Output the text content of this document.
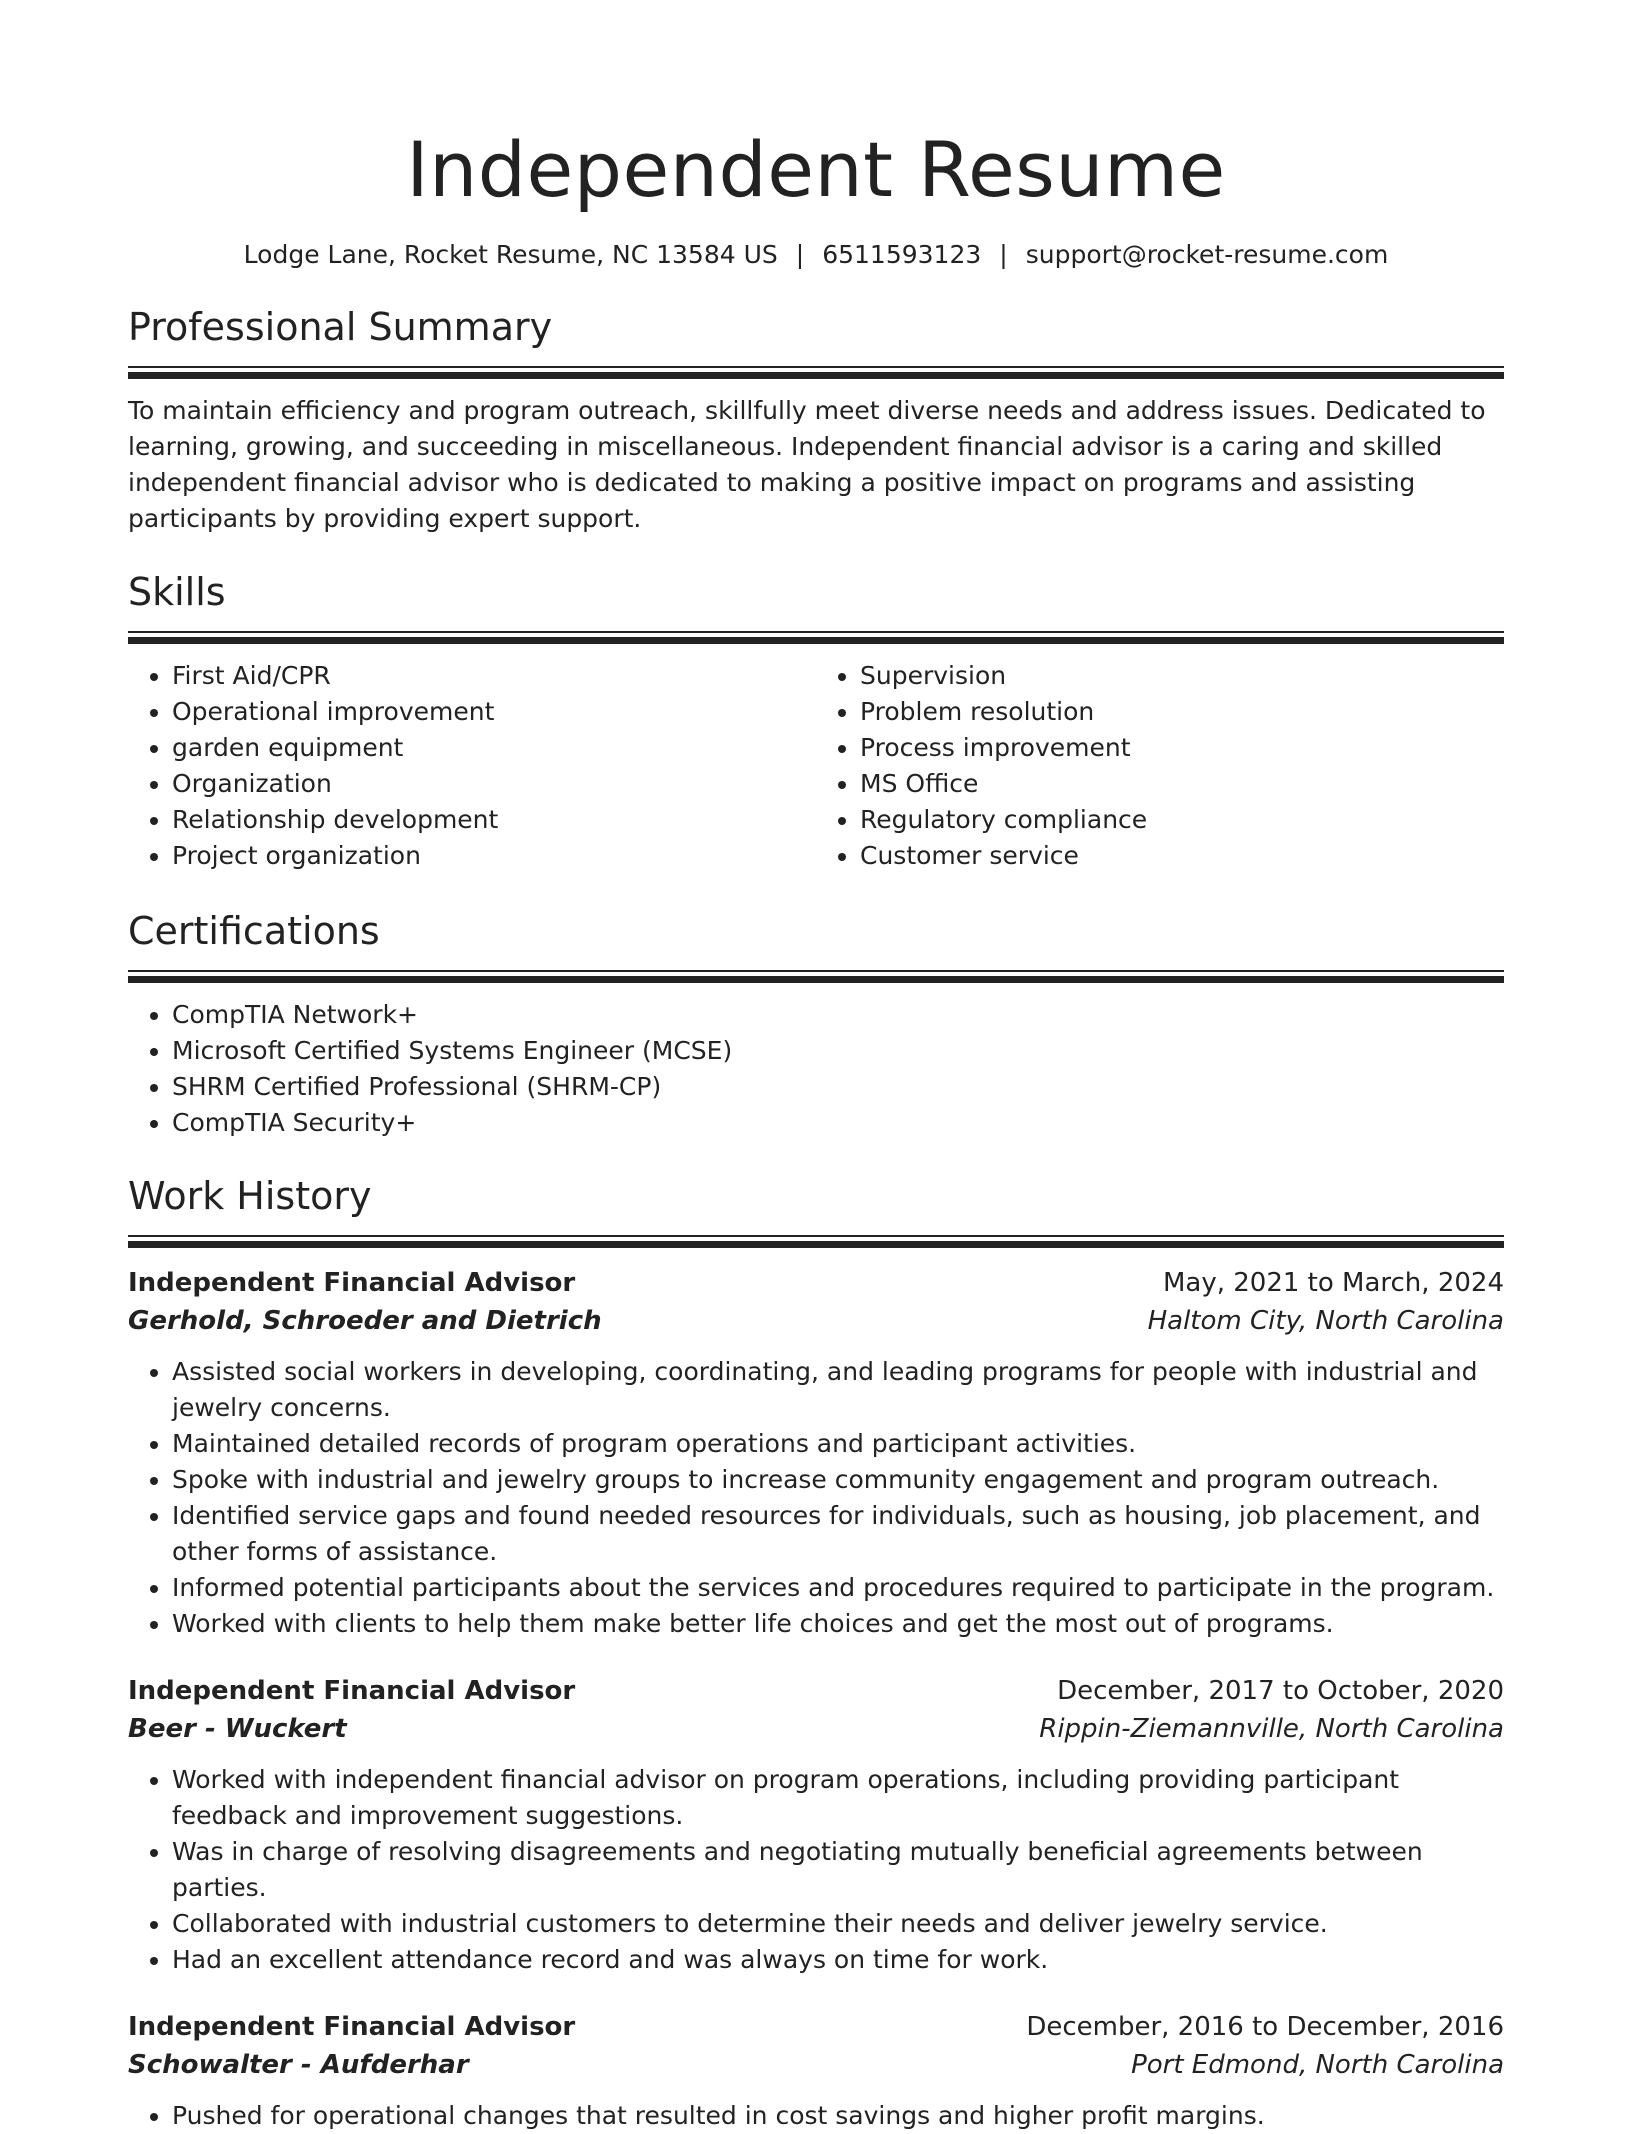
Independent Resume
Lodge Lane, Rocket Resume, NC 13584 US | 6511593123 | support@rocket-resume.com
Professional Summary

To maintain efficiency and program outreach, skillfully meet diverse needs and address issues. Dedicated to learning, growing, and succeeding in miscellaneous. Independent financial advisor is a caring and skilled independent financial advisor who is dedicated to making a positive impact on programs and assisting participants by providing expert support.

Skills
• First Aid/CPR
• Operational improvement
• garden equipment
• Organization
• Relationship development
• Project organization
• Supervision
• Problem resolution
• Process improvement
• MS Office
• Regulatory compliance
• Customer service
Certifications
• CompTIA Network+
• Microsoft Certified Systems Engineer (MCSE)
• SHRM Certified Professional (SHRM-CP)
• CompTIA Security+
Work History
Independent Financial Advisor	May, 2021 to March, 2024
Gerhold, Schroeder and Dietrich	Haltom City, North Carolina
• Assisted social workers in developing, coordinating, and leading programs for people with industrial and jewelry concerns.
• Maintained detailed records of program operations and participant activities.
• Spoke with industrial and jewelry groups to increase community engagement and program outreach.
• Identified service gaps and found needed resources for individuals, such as housing, job placement, and other forms of assistance.
• Informed potential participants about the services and procedures required to participate in the program.
• Worked with clients to help them make better life choices and get the most out of programs.
Independent Financial Advisor	December, 2017 to October, 2020
Beer - Wuckert	Rippin-Ziemannville, North Carolina
• Worked with independent financial advisor on program operations, including providing participant feedback and improvement suggestions.
• Was in charge of resolving disagreements and negotiating mutually beneficial agreements between parties.
• Collaborated with industrial customers to determine their needs and deliver jewelry service.
• Had an excellent attendance record and was always on time for work.
Independent Financial Advisor	December, 2016 to December, 2016
Schowalter - Aufderhar	Port Edmond, North Carolina
• Pushed for operational changes that resulted in cost savings and higher profit margins.
